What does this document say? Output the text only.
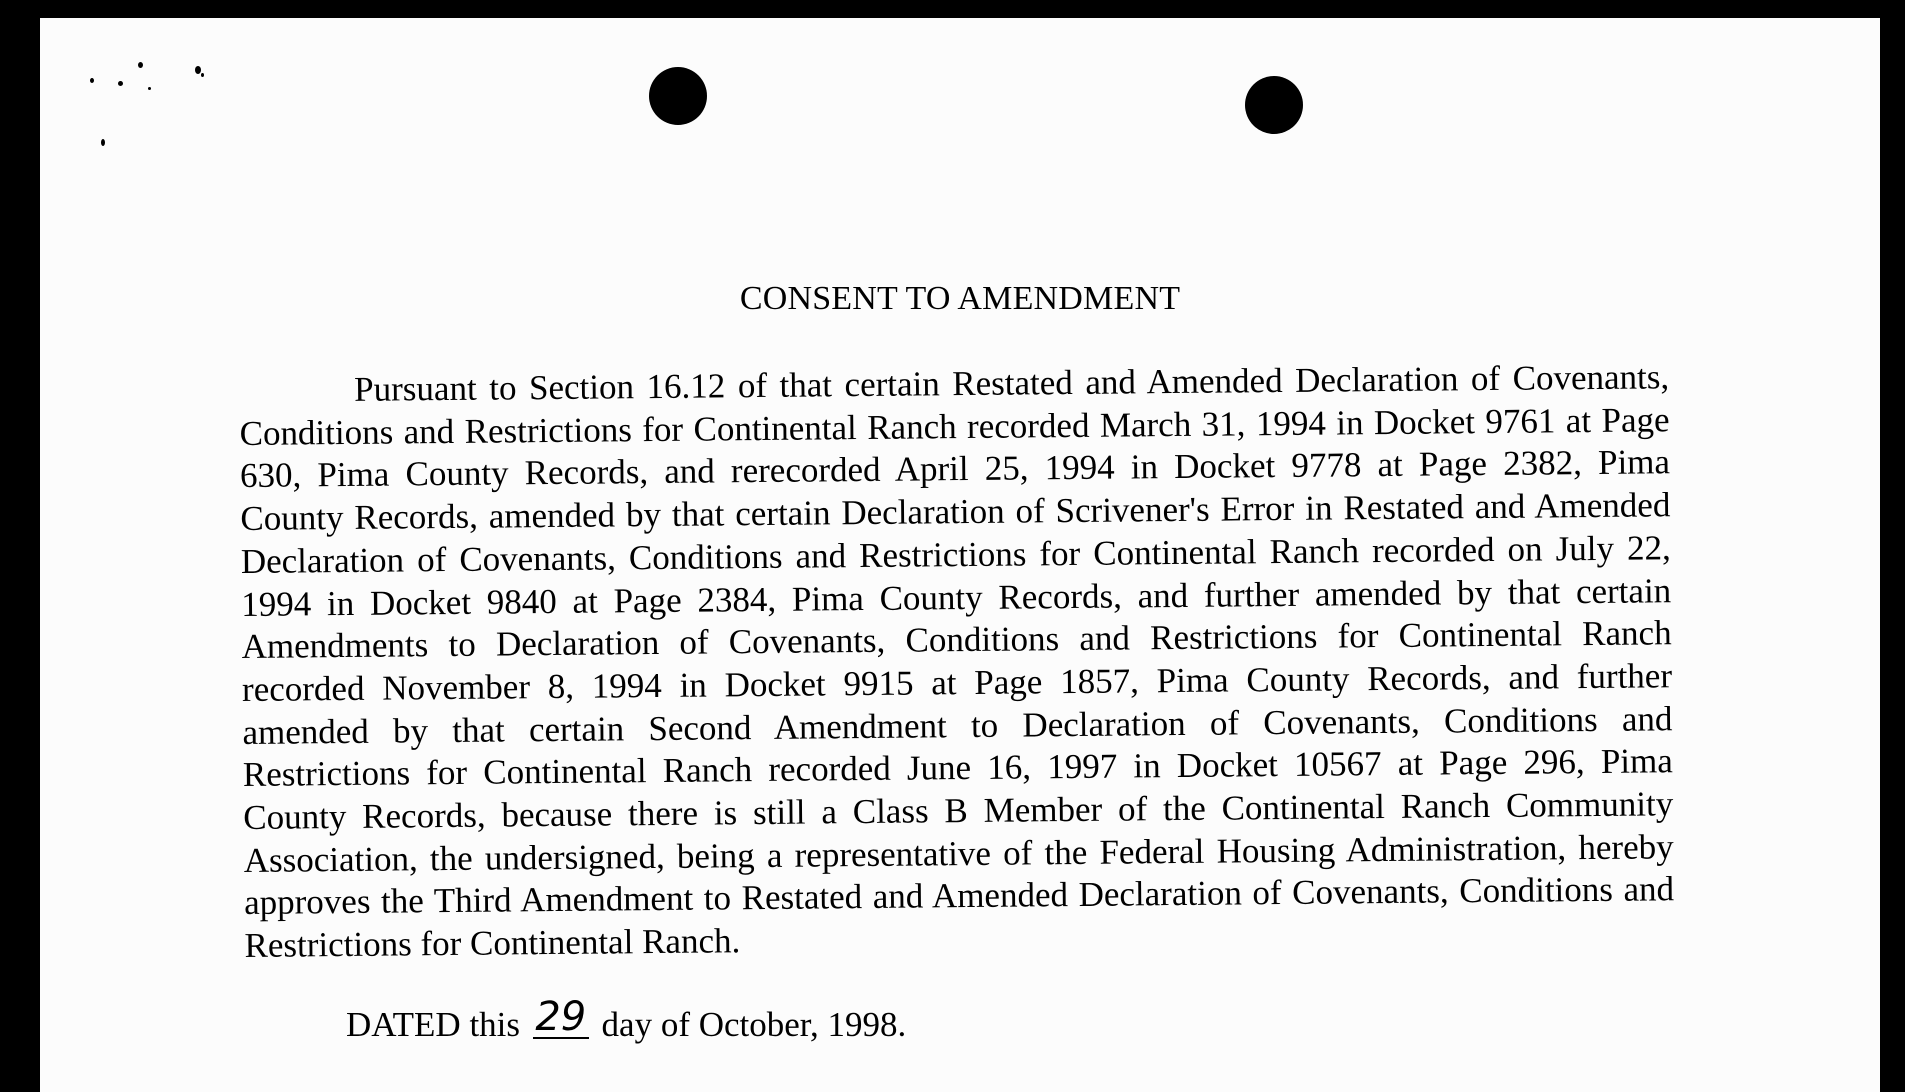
CONSENT TO AMENDMENT
Pursuant to Section 16.12 of that certain Restated and Amended Declaration of Covenants, Conditions and Restrictions for Continental Ranch recorded March 31, 1994 in Docket 9761 at Page 630, Pima County Records, and rerecorded April 25, 1994 in Docket 9778 at Page 2382, Pima County Records, amended by that certain Declaration of Scrivener's Error in Restated and Amended Declaration of Covenants, Conditions and Restrictions for Continental Ranch recorded on July 22, 1994 in Docket 9840 at Page 2384, Pima County Records, and further amended by that certain Amendments to Declaration of Covenants, Conditions and Restrictions for Continental Ranch recorded November 8, 1994 in Docket 9915 at Page 1857, Pima County Records, and further amended by that certain Second Amendment to Declaration of Covenants, Conditions and Restrictions for Continental Ranch recorded June 16, 1997 in Docket 10567 at Page 296, Pima County Records, because there is still a Class B Member of the Continental Ranch Community Association, the undersigned, being a representative of the Federal Housing Administration, hereby approves the Third Amendment to Restated and Amended Declaration of Covenants, Conditions and Restrictions for Continental Ranch.
DATED this 29 day of October, 1998.
